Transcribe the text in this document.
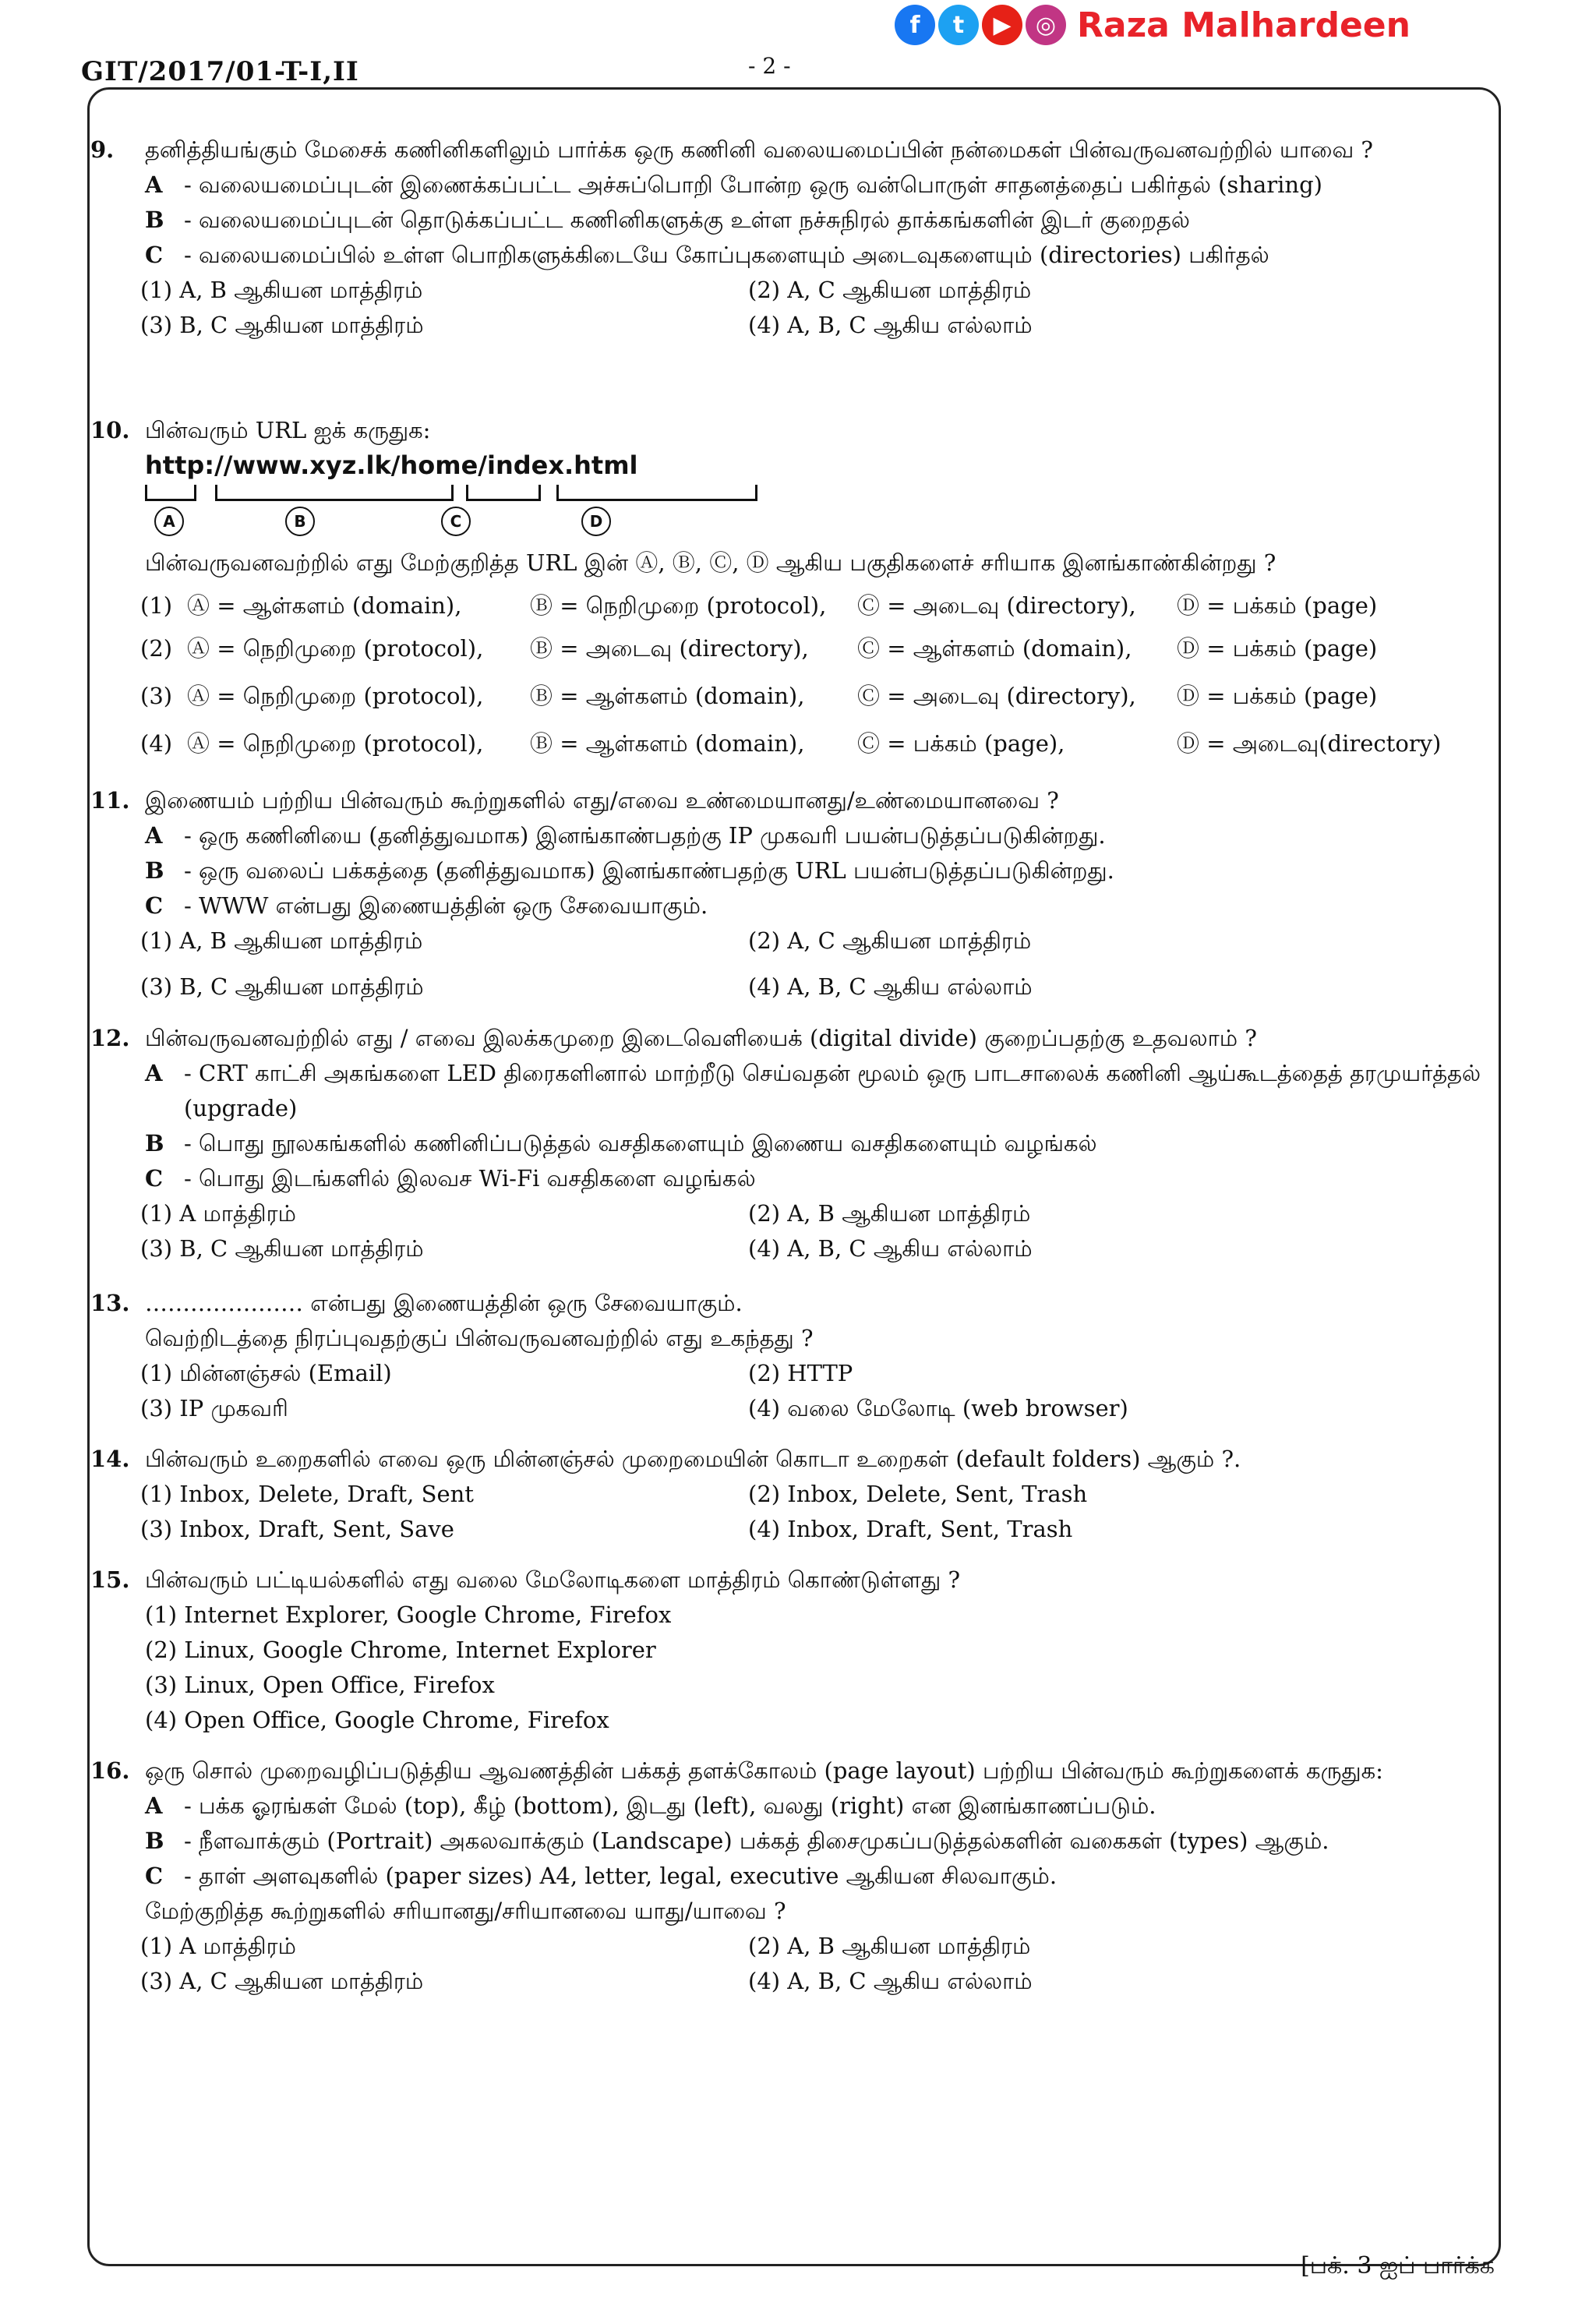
GIT/2017/01-T-I,II	- 2 -
f	t	▶	◎ Raza Malhardeen
9.	தனித்தியங்கும் மேசைக் கணினிகளிலும் பார்க்க ஒரு கணினி வலையமைப்பின் நன்மைகள் பின்வருவனவற்றில் யாவை ?
A - வலையமைப்புடன் இணைக்கப்பட்ட அச்சுப்பொறி போன்ற ஒரு வன்பொருள் சாதனத்தைப் பகிர்தல் (sharing)
B - வலையமைப்புடன் தொடுக்கப்பட்ட கணினிகளுக்கு உள்ள நச்சுநிரல் தாக்கங்களின் இடர் குறைதல்
C - வலையமைப்பில் உள்ள பொறிகளுக்கிடையே கோப்புகளையும் அடைவுகளையும் (directories) பகிர்தல்
(1) A, B ஆகியன மாத்திரம்	(2) A, C ஆகியன மாத்திரம்
(3) B, C ஆகியன மாத்திரம்	(4) A, B, C ஆகிய எல்லாம்
10. பின்வரும் URL ஐக் கருதுக:
http://www.xyz.lk/home/index.html
A	B	C	D
பின்வருவனவற்றில் எது மேற்குறித்த URL இன் Ⓐ, Ⓑ, Ⓒ, Ⓓ ஆகிய பகுதிகளைச் சரியாக இனங்காண்கின்றது ?
(1) Ⓐ = ஆள்களம் (domain),	Ⓑ = நெறிமுறை (protocol),	Ⓒ = அடைவு (directory),	Ⓓ = பக்கம் (page)
(2) Ⓐ = நெறிமுறை (protocol),	Ⓑ = அடைவு (directory),	Ⓒ = ஆள்களம் (domain),	Ⓓ = பக்கம் (page)
(3) Ⓐ = நெறிமுறை (protocol),	Ⓑ = ஆள்களம் (domain),	Ⓒ = அடைவு (directory),	Ⓓ = பக்கம் (page)
(4) Ⓐ = நெறிமுறை (protocol),	Ⓑ = ஆள்களம் (domain),	Ⓒ = பக்கம் (page),	Ⓓ = அடைவு(directory)
11. இணையம் பற்றிய பின்வரும் கூற்றுகளில் எது/எவை உண்மையானது/உண்மையானவை ?
A - ஒரு கணினியை (தனித்துவமாக) இனங்காண்பதற்கு IP முகவரி பயன்படுத்தப்படுகின்றது.
B - ஒரு வலைப் பக்கத்தை (தனித்துவமாக) இனங்காண்பதற்கு URL பயன்படுத்தப்படுகின்றது.
C - WWW என்பது இணையத்தின் ஒரு சேவையாகும்.
(1) A, B ஆகியன மாத்திரம்	(2) A, C ஆகியன மாத்திரம்
(3) B, C ஆகியன மாத்திரம்	(4) A, B, C ஆகிய எல்லாம்
12. பின்வருவனவற்றில் எது / எவை இலக்கமுறை இடைவெளியைக் (digital divide) குறைப்பதற்கு உதவலாம் ?
A - CRT காட்சி அகங்களை LED திரைகளினால் மாற்றீடு செய்வதன் மூலம் ஒரு பாடசாலைக் கணினி ஆய்கூடத்தைத் தரமுயர்த்தல் (upgrade)
B - பொது நூலகங்களில் கணினிப்படுத்தல் வசதிகளையும் இணைய வசதிகளையும் வழங்கல்
C - பொது இடங்களில் இலவச Wi-Fi வசதிகளை வழங்கல்
(1) A மாத்திரம்	(2) A, B ஆகியன மாத்திரம்
(3) B, C ஆகியன மாத்திரம்	(4) A, B, C ஆகிய எல்லாம்
13. ………………… என்பது இணையத்தின் ஒரு சேவையாகும்.
வெற்றிடத்தை நிரப்புவதற்குப் பின்வருவனவற்றில் எது உகந்தது ?
(1) மின்னஞ்சல் (Email)	(2) HTTP
(3) IP முகவரி	(4) வலை மேலோடி (web browser)
14. பின்வரும் உறைகளில் எவை ஒரு மின்னஞ்சல் முறைமையின் கொடா உறைகள் (default folders) ஆகும் ?.
(1) Inbox, Delete, Draft, Sent	(2) Inbox, Delete, Sent, Trash
(3) Inbox, Draft, Sent, Save	(4) Inbox, Draft, Sent, Trash
15. பின்வரும் பட்டியல்களில் எது வலை மேலோடிகளை மாத்திரம் கொண்டுள்ளது ?
(1) Internet Explorer, Google Chrome, Firefox
(2) Linux, Google Chrome, Internet Explorer
(3) Linux, Open Office, Firefox
(4) Open Office, Google Chrome, Firefox
16. ஒரு சொல் முறைவழிப்படுத்திய ஆவணத்தின் பக்கத் தளக்கோலம் (page layout) பற்றிய பின்வரும் கூற்றுகளைக் கருதுக:
A - பக்க ஓரங்கள் மேல் (top), கீழ் (bottom), இடது (left), வலது (right) என இனங்காணப்படும்.
B - நீளவாக்கும் (Portrait) அகலவாக்கும் (Landscape) பக்கத் திசைமுகப்படுத்தல்களின் வகைகள் (types) ஆகும்.
C - தாள் அளவுகளில் (paper sizes) A4, letter, legal, executive ஆகியன சிலவாகும்.
மேற்குறித்த கூற்றுகளில் சரியானது/சரியானவை யாது/யாவை ?
(1) A மாத்திரம்	(2) A, B ஆகியன மாத்திரம்
(3) A, C ஆகியன மாத்திரம்	(4) A, B, C ஆகிய எல்லாம்
[பக். 3 ஐப் பார்க்க
